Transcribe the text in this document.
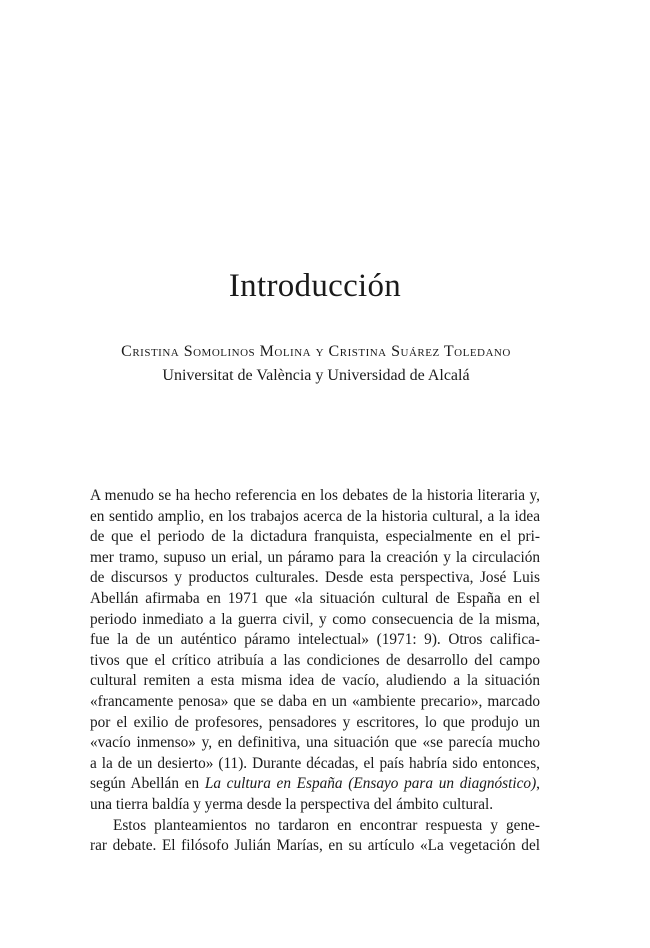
Introducción
Cristina Somolinos Molina y Cristina Suárez Toledano
Universitat de València y Universidad de Alcalá
A menudo se ha hecho referencia en los debates de la historia literaria y,
en sentido amplio, en los trabajos acerca de la historia cultural, a la idea
de que el periodo de la dictadura franquista, especialmente en el pri-
mer tramo, supuso un erial, un páramo para la creación y la circulación
de discursos y productos culturales. Desde esta perspectiva, José Luis
Abellán afirmaba en 1971 que «la situación cultural de España en el
periodo inmediato a la guerra civil, y como consecuencia de la misma,
fue la de un auténtico páramo intelectual» (1971: 9). Otros califica-
tivos que el crítico atribuía a las condiciones de desarrollo del campo
cultural remiten a esta misma idea de vacío, aludiendo a la situación
«francamente penosa» que se daba en un «ambiente precario», marcado
por el exilio de profesores, pensadores y escritores, lo que produjo un
«vacío inmenso» y, en definitiva, una situación que «se parecía mucho
a la de un desierto» (11). Durante décadas, el país habría sido entonces,
según Abellán en La cultura en España (Ensayo para un diagnóstico),
una tierra baldía y yerma desde la perspectiva del ámbito cultural.
Estos planteamientos no tardaron en encontrar respuesta y gene-
rar debate. El filósofo Julián Marías, en su artículo «La vegetación del
